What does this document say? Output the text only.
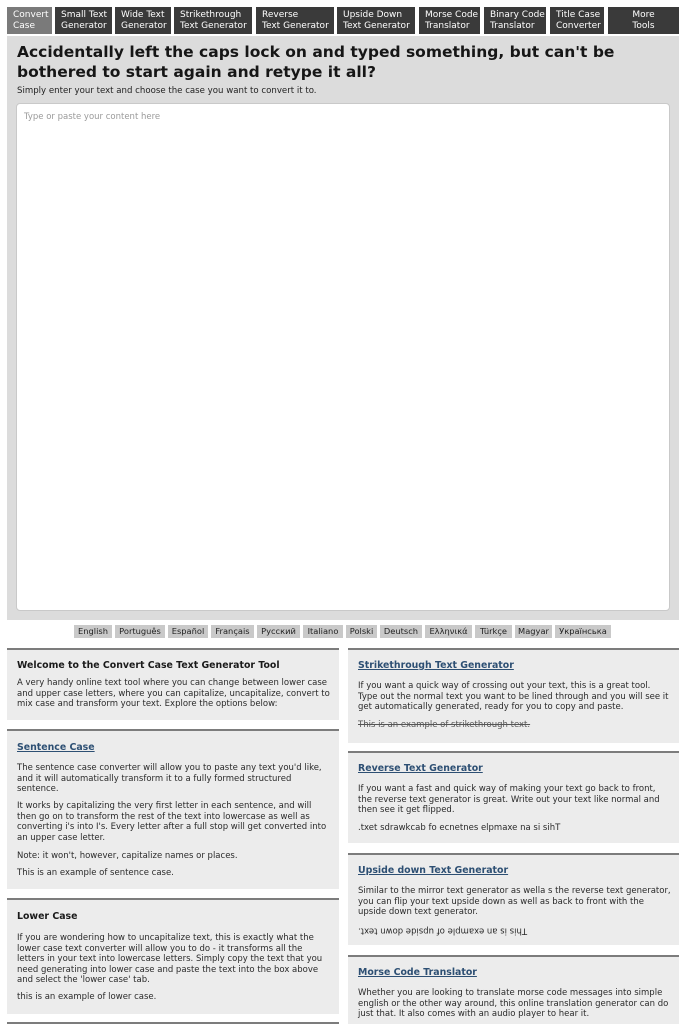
Convert
Case
Small Text
Generator
Wide Text
Generator
Strikethrough
Text Generator
Reverse
Text Generator
Upside Down
Text Generator
Morse Code
Translator
Binary Code
Translator
Title Case
Converter
More
Tools
Accidentally left the caps lock on and typed something, but can't be bothered to start again and retype it all?
Simply enter your text and choose the case you want to convert it to.
Type or paste your content here
English	Português	Español	Français	Русский	Italiano	Polski	Deutsch	Ελληνικά	Türkçe	Magyar	Українська
Welcome to the Convert Case Text Generator Tool

A very handy online text tool where you can change between lower case and upper case letters, where you can capitalize, uncapitalize, convert to mix case and transform your text. Explore the options below:

Sentence Case

The sentence case converter will allow you to paste any text you'd like, and it will automatically transform it to a fully formed structured sentence.

It works by capitalizing the very first letter in each sentence, and will then go on to transform the rest of the text into lowercase as well as converting i's into I's. Every letter after a full stop will get converted into an upper case letter.

Note: it won't, however, capitalize names or places.

This is an example of sentence case.

Lower Case

If you are wondering how to uncapitalize text, this is exactly what the lower case text converter will allow you to do - it transforms all the letters in your text into lowercase letters. Simply copy the text that you need generating into lower case and paste the text into the box above and select the 'lower case' tab.

this is an example of lower case.

Strikethrough Text Generator

If you want a quick way of crossing out your text, this is a great tool. Type out the normal text you want to be lined through and you will see it get automatically generated, ready for you to copy and paste.

This is an example of strikethrough text.

Reverse Text Generator

If you want a fast and quick way of making your text go back to front, the reverse text generator is great. Write out your text like normal and then see it get flipped.

.txet sdrawkcab fo ecnetnes elpmaxe na si sihT

Upside down Text Generator

Similar to the mirror text generator as wella s the reverse text generator, you can flip your text upside down as well as back to front with the upside down text generator.

This is an example of upside down text.

Morse Code Translator

Whether you are looking to translate morse code messages into simple english or the other way around, this online translation generator can do just that. It also comes with an audio player to hear it.
